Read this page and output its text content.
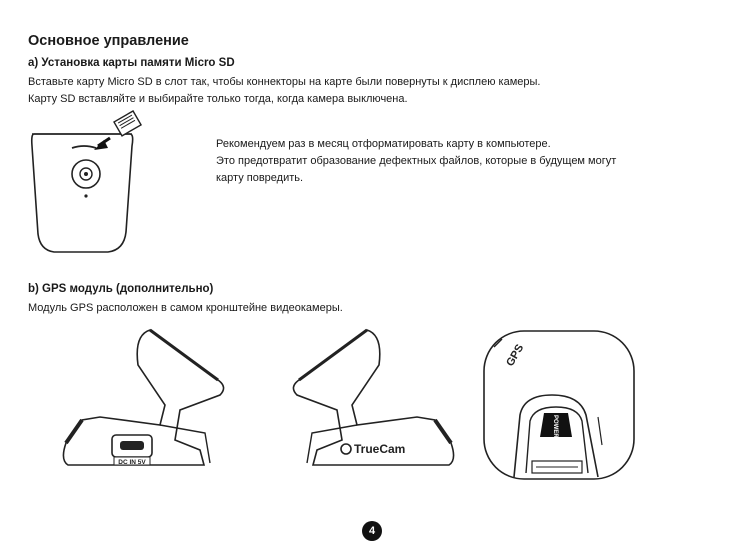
Основное управление
a) Установка карты памяти Micro SD
Вставьте карту Micro SD в слот так, чтобы коннекторы на карте были повернуты к дисплею камеры.
Карту SD вставляйте и выбирайте только тогда, когда камера выключена.
Рекомендуем раз в месяц отформатировать карту в компьютере.
Это предотвратит образование дефектных файлов, которые в будущем могут
карту повредить.
b) GPS модуль (дополнительно)
Модуль GPS расположен в самом кронштейне видеокамеры.
DC IN 5V
TrueCam
GPS
POWER
4
